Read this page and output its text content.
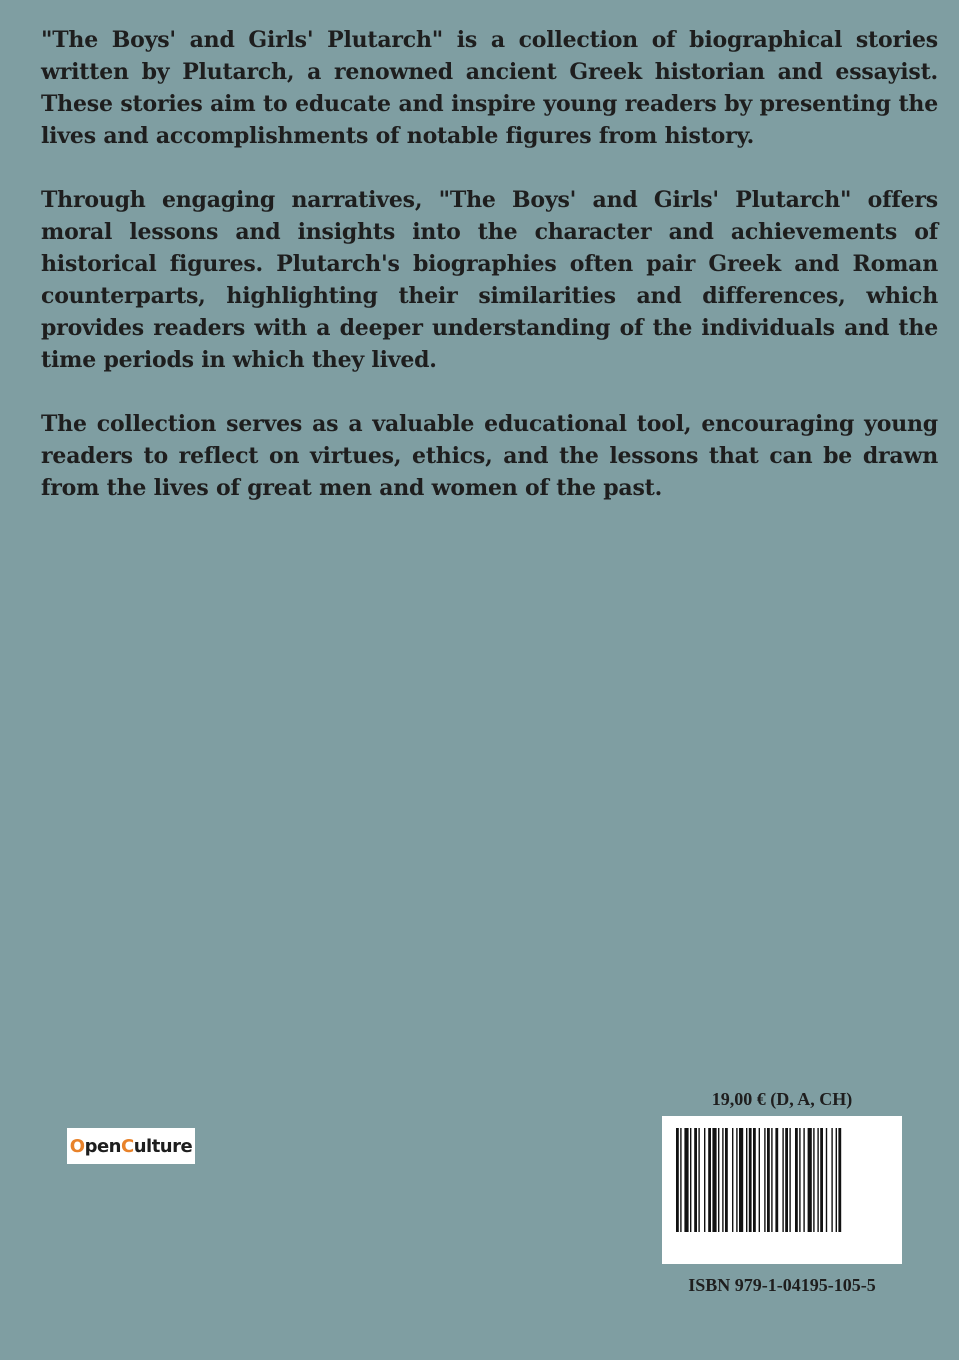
"The Boys' and Girls' Plutarch" is a collection of biographical stories written by Plutarch, a renowned ancient Greek historian and essayist. These stories aim to educate and inspire young readers by presenting the lives and accomplishments of notable figures from history.

Through engaging narratives, "The Boys' and Girls' Plutarch" offers moral lessons and insights into the character and achievements of historical figures. Plutarch's biographies often pair Greek and Roman counterparts, highlighting their similarities and differences, which provides readers with a deeper understanding of the individuals and the time periods in which they lived.

The collection serves as a valuable educational tool, encouraging young readers to reflect on virtues, ethics, and the lessons that can be drawn from the lives of great men and women of the past.

O pen C ulture
19,00 € (D, A, CH)
ISBN 979-1-04195-105-5
